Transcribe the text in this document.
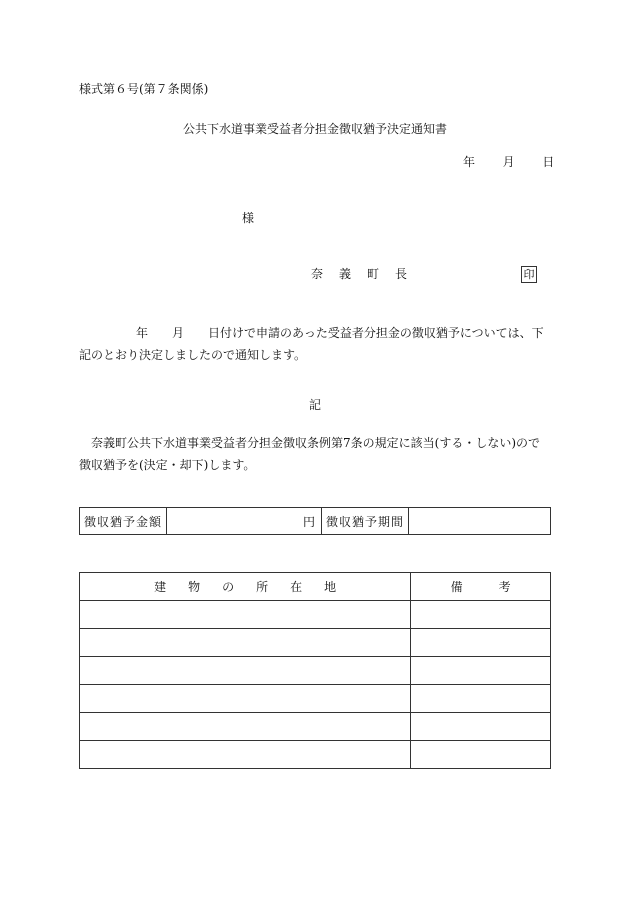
様式第６号(第７条関係)
公共下水道事業受益者分担金徴収猶予決定通知書
年 月 日
様
奈　義　町　長	印
年 月 日付けで申請のあった受益者分担金の徴収猶予については、下記のとおり決定しましたので通知します。
記
奈義町公共下水道事業受益者分担金徴収条例第7条の規定に該当(する・しない)ので徴収猶予を(決定・却下)します。
徴収猶予金額	円	徴収猶予期間	
建 物 の 所 在 地	備 考
